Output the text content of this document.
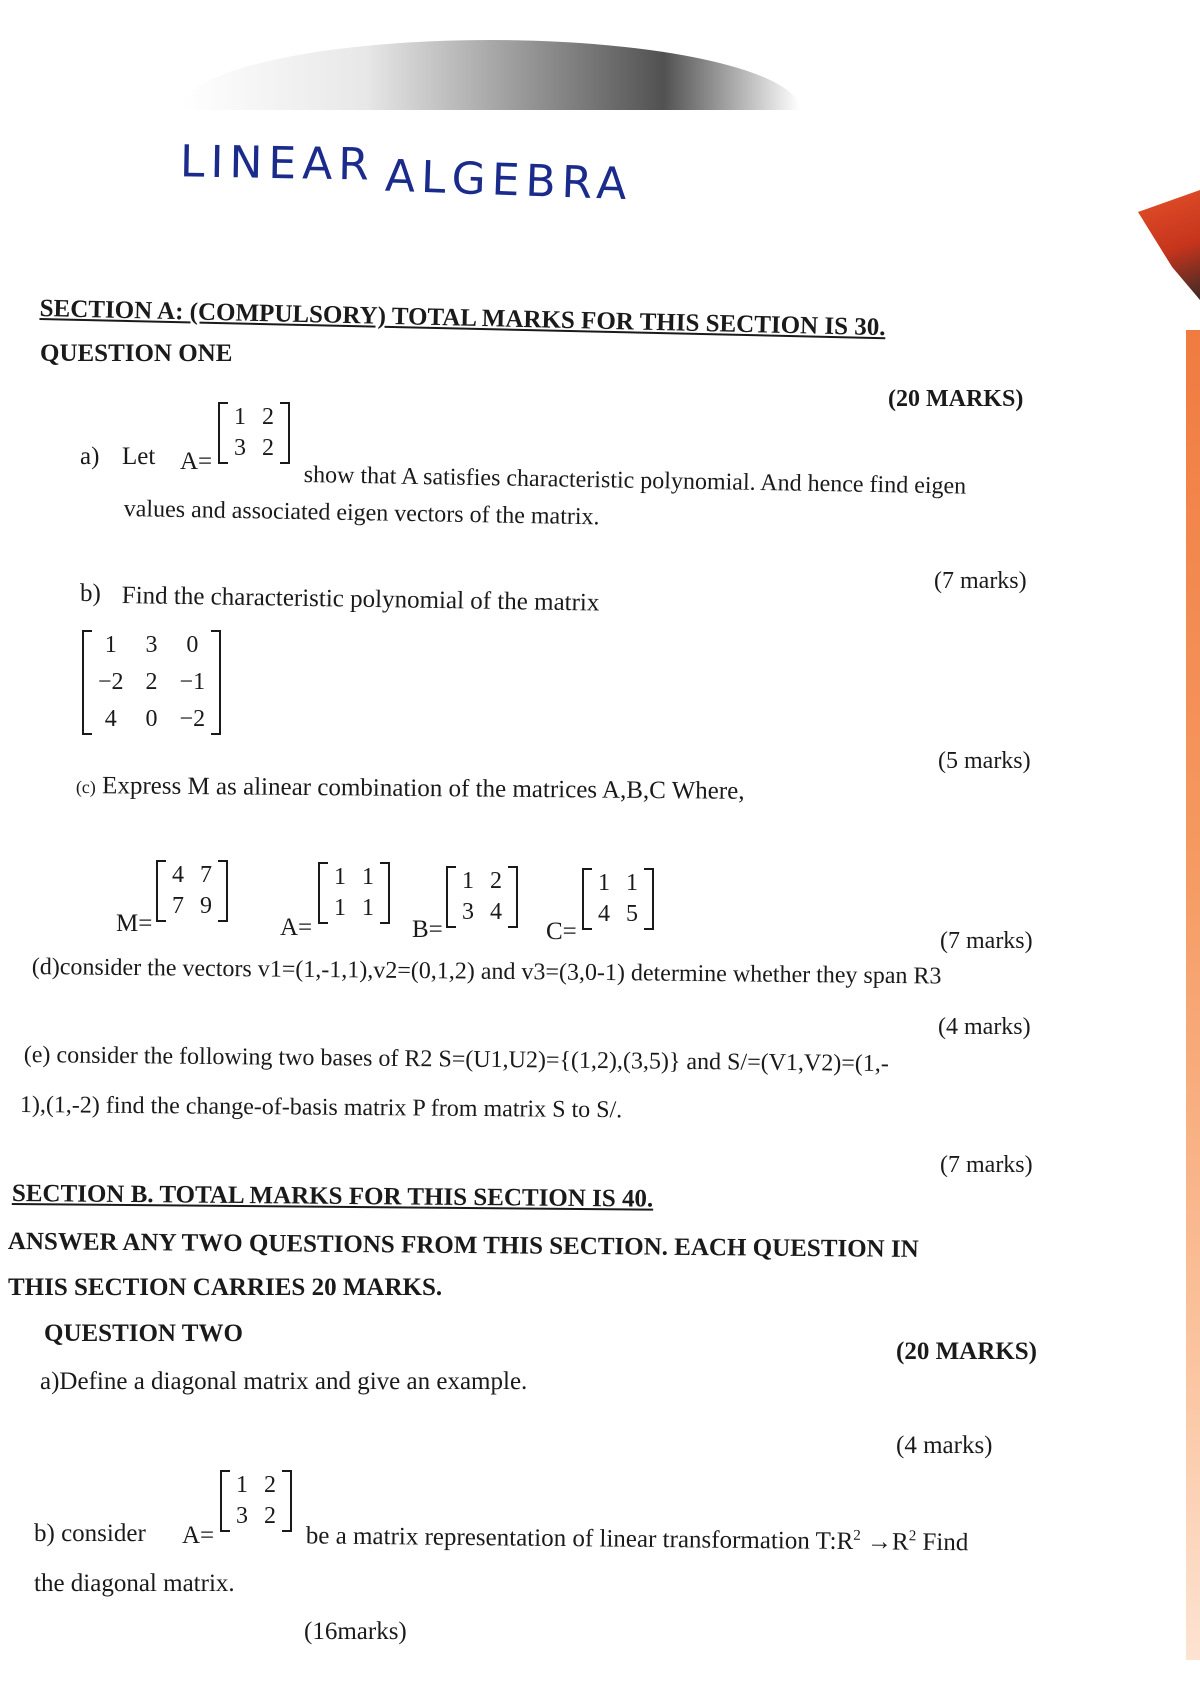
LINEAR ALGEBRA
SECTION A: (COMPULSORY) TOTAL MARKS FOR THIS SECTION IS 30.
QUESTION ONE
(20 MARKS)
a) Let A=
1 2
3 2
show that A satisfies characteristic polynomial. And hence find eigen
values and associated eigen vectors of the matrix.
(7 marks)
b) Find the characteristic polynomial of the matrix
1 3 0
−2 2 −1
4 0 −2
(5 marks)
(c) Express M as alinear combination of the matrices A,B,C Where,
M=
4 7
7 9
A=
1 1
1 1
B=
1 2
3 4
C=
1 1
4 5
(7 marks)
(d)consider the vectors v1=(1,-1,1),v2=(0,1,2) and v3=(3,0-1) determine whether they span R3
(4 marks)
(e) consider the following two bases of R2 S=(U1,U2)={(1,2),(3,5)} and S/=(V1,V2)=(1,-
1),(1,-2) find the change-of-basis matrix P from matrix S to S/.
(7 marks)
SECTION B. TOTAL MARKS FOR THIS SECTION IS 40.
ANSWER ANY TWO QUESTIONS FROM THIS SECTION. EACH QUESTION IN
THIS SECTION CARRIES 20 MARKS.
QUESTION TWO
(20 MARKS)
a)Define a diagonal matrix and give an example.
(4 marks)
b) consider A=
1 2
3 2
be a matrix representation of linear transformation $T:R^2 \to R^2$ Find
the diagonal matrix.
(16marks)
